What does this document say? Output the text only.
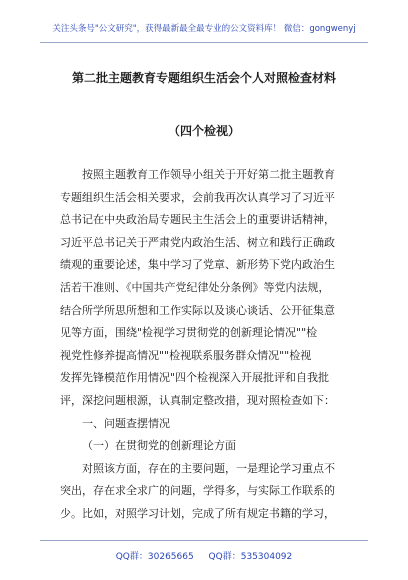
关注头条号"公文研究"，获得最新最全最专业的公文资料库！ 微信：gongwenyj
第二批主题教育专题组织生活会个人对照检查材料
（四个检视）
按照主题教育工作领导小组关于开好第二批主题教育
专题组织生活会相关要求，会前我再次认真学习了习近平
总书记在中央政治局专题民主生活会上的重要讲话精神，
习近平总书记关于严肃党内政治生活、树立和践行正确政
绩观的重要论述，集中学习了党章、新形势下党内政治生
活若干准则、《中国共产党纪律处分条例》等党内法规，
结合所学所思所想和工作实际以及谈心谈话、公开征集意
见等方面，围绕"检视学习贯彻党的创新理论情况""检
视党性修养提高情况""检视联系服务群众情况""检视
发挥先锋模范作用情况"四个检视深入开展批评和自我批
评，深挖问题根源，认真制定整改措，现对照检查如下：
一、问题查摆情况
（一）在贯彻党的创新理论方面
对照该方面，存在的主要问题，一是理论学习重点不
突出，存在求全求广的问题，学得多，与实际工作联系的
少。比如，对照学习计划，完成了所有规定书籍的学习，
QQ群：30265665 QQ群：535304092
